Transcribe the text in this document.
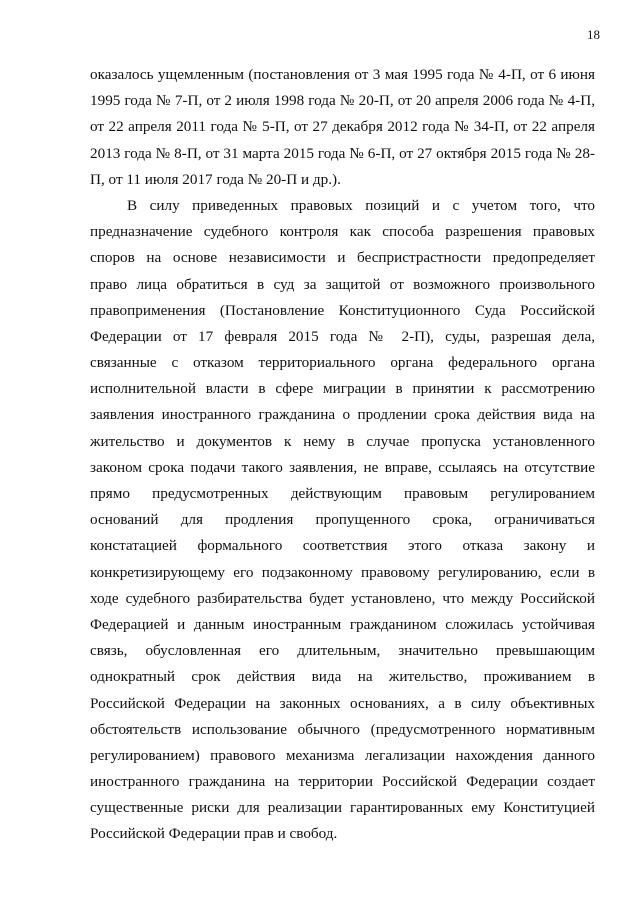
18
оказалось ущемленным (постановления от 3 мая 1995 года № 4-П, от 6 июня
1995 года № 7-П, от 2 июля 1998 года № 20-П, от 20 апреля 2006 года № 4-П,
от 22 апреля 2011 года № 5-П, от 27 декабря 2012 года № 34-П, от 22 апреля
2013 года № 8-П, от 31 марта 2015 года № 6-П, от 27 октября 2015 года № 28-
П, от 11 июля 2017 года № 20-П и др.).
В силу приведенных правовых позиций и с учетом того, что
предназначение судебного контроля как способа разрешения правовых
споров на основе независимости и беспристрастности предопределяет
право лица обратиться в суд за защитой от возможного произвольного
правоприменения (Постановление Конституционного Суда Российской
Федерации от 17 февраля 2015 года № 2-П), суды, разрешая дела,
связанные с отказом территориального органа федерального органа
исполнительной власти в сфере миграции в принятии к рассмотрению
заявления иностранного гражданина о продлении срока действия вида на
жительство и документов к нему в случае пропуска установленного
законом срока подачи такого заявления, не вправе, ссылаясь на отсутствие
прямо предусмотренных действующим правовым регулированием
оснований для продления пропущенного срока, ограничиваться
констатацией формального соответствия этого отказа закону и
конкретизирующему его подзаконному правовому регулированию, если в
ходе судебного разбирательства будет установлено, что между Российской
Федерацией и данным иностранным гражданином сложилась устойчивая
связь, обусловленная его длительным, значительно превышающим
однократный срок действия вида на жительство, проживанием в
Российской Федерации на законных основаниях, а в силу объективных
обстоятельств использование обычного (предусмотренного нормативным
регулированием) правового механизма легализации нахождения данного
иностранного гражданина на территории Российской Федерации создает
существенные риски для реализации гарантированных ему Конституцией
Российской Федерации прав и свобод.
